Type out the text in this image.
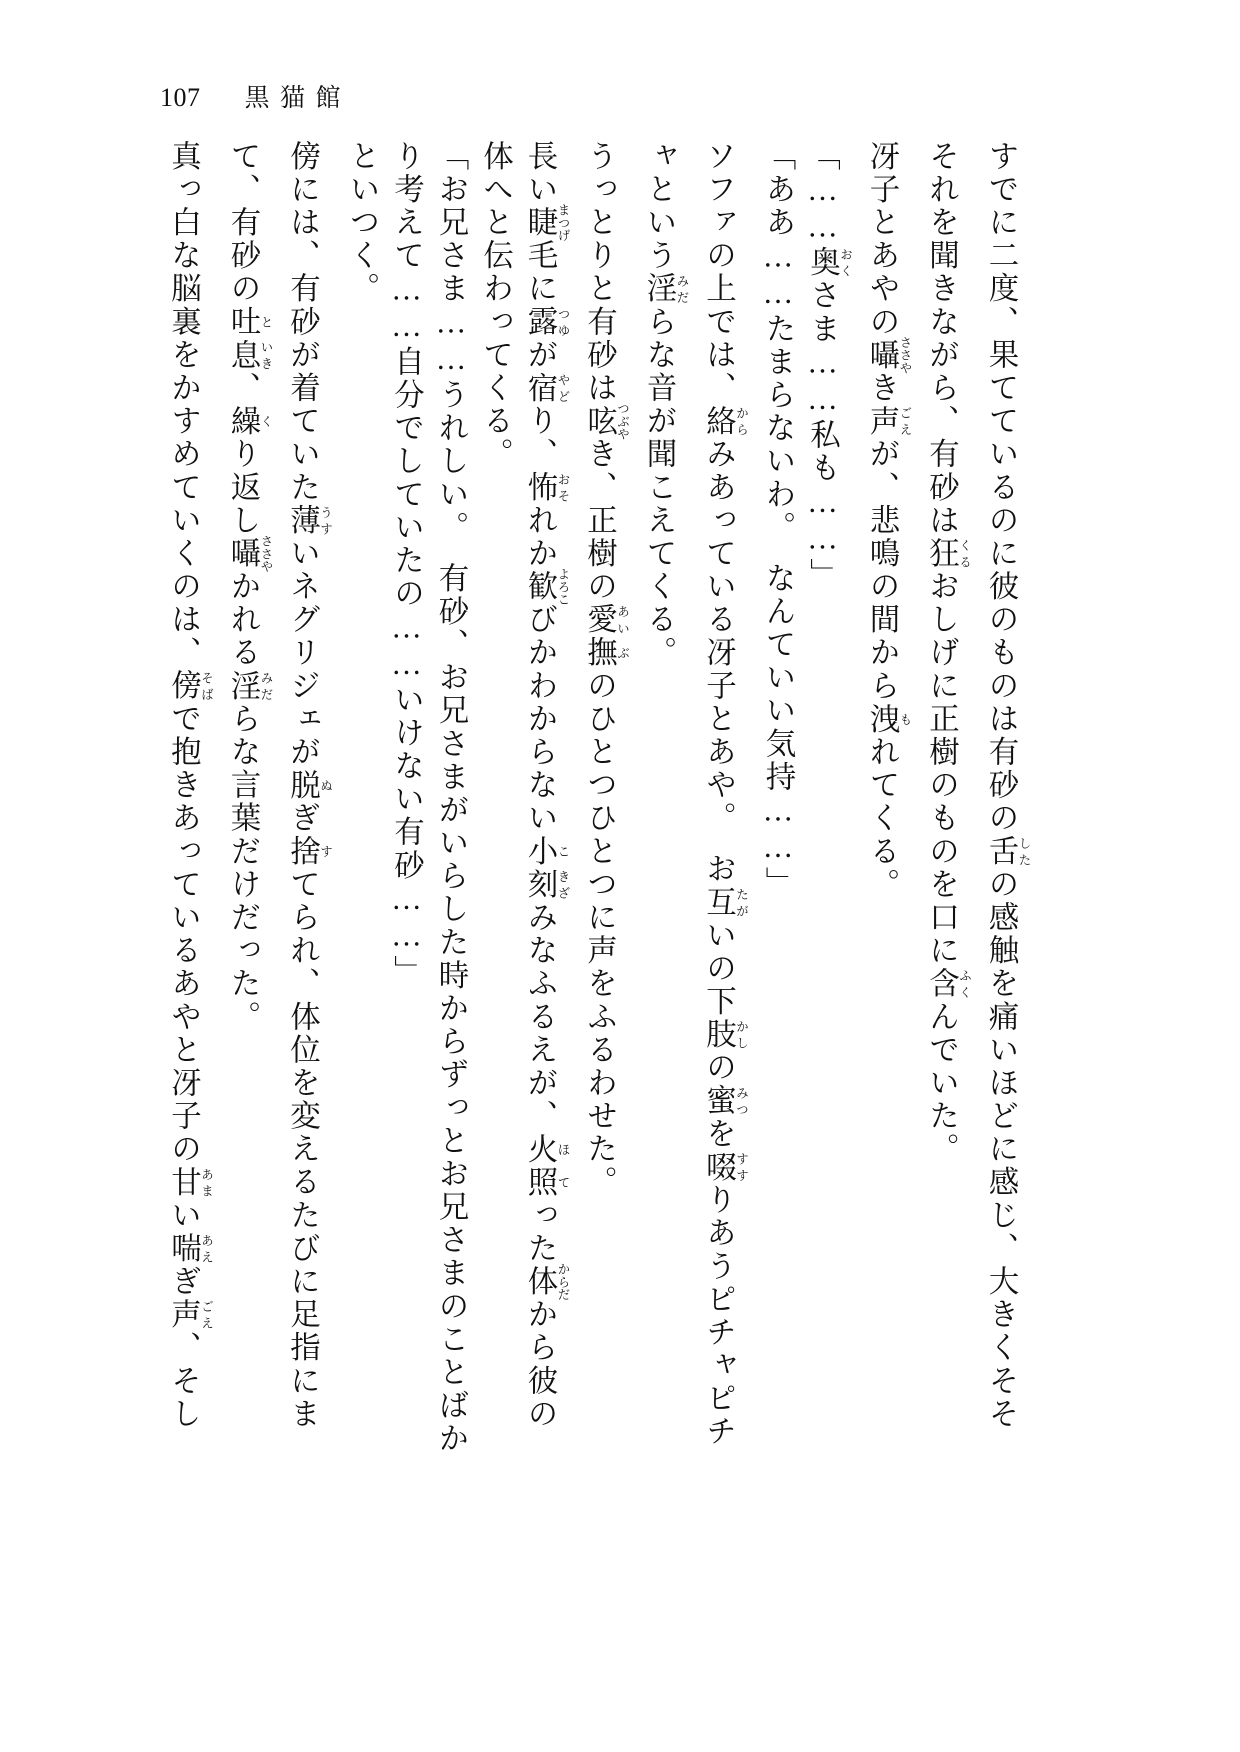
107 黒猫館
真っ白な脳裏をかすめていくのは、傍 そばで抱きあっているあやと冴子の甘 あまい喘 あえぎ声 ごえ、そし
て、有砂の吐 と息 いき、繰 くり返し囁 ささやかれる淫 みだらな言葉だけだった。
傍には、有砂が着ていた薄 うすいネグリジェが脱 ぬぎ捨 すてられ、体位を変えるたびに足指にま
といつく。 り考えて……自分でしていたの……いけない有砂……」 「お兄さま……うれしい。　有砂、お兄さまがいらした時からずっとお兄さまのことばか 体へと伝わってくる。 長い睫 まつげ毛に露 つゆが宿 やどり、怖 おそれか歓 よろこびかわからない小 こ刻 きざみなふるえが、火 ほ照 てった体 からだから彼の
うっとりと有砂は呟 つぶやき、正樹の愛 あい撫 ぶのひとつひとつに声をふるわせた。
ャという淫 みだらな音が聞こえてくる。
ソファの上では、絡 からみあっている冴子とあや。　お互 たがいの下肢 かしの蜜 みつを啜 すすりあうピチャピチ
「ああ……たまらないわ。　なんていい気持……」 「……奥 おくさま……私も……」
冴子とあやの囁 ささやき声 ごえが、悲鳴の間から洩 もれてくる。
それを聞きながら、有砂は狂 くるおしげに正樹のものを口に含 ふくんでいた。
すでに二度、果てているのに彼のものは有砂の舌 したの感触を痛いほどに感じ、大きくそそ
